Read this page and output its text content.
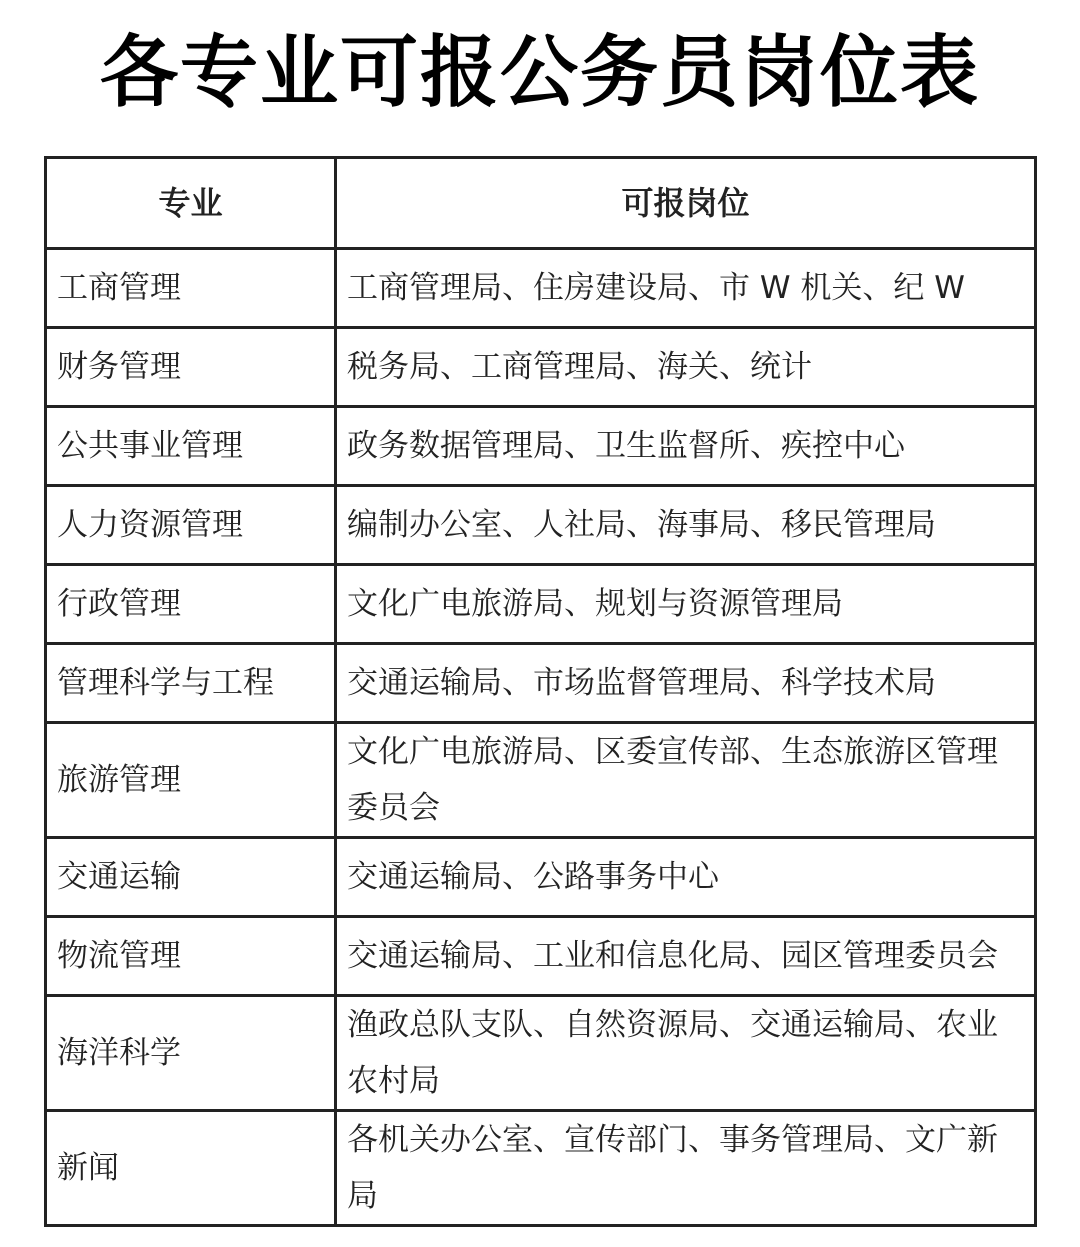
各专业可报公务员岗位表
专业	可报岗位
工商管理	工商管理局、住房建设局、市 W 机关、纪 W
财务管理	税务局、工商管理局、海关、统计
公共事业管理	政务数据管理局、卫生监督所、疾控中心
人力资源管理	编制办公室、人社局、海事局、移民管理局
行政管理	文化广电旅游局、规划与资源管理局
管理科学与工程	交通运输局、市场监督管理局、科学技术局
旅游管理	文化广电旅游局、区委宣传部、生态旅游区管理委员会
交通运输	交通运输局、公路事务中心
物流管理	交通运输局、工业和信息化局、园区管理委员会
海洋科学	渔政总队支队、自然资源局、交通运输局、农业农村局
新闻	各机关办公室、宣传部门、事务管理局、文广新局
